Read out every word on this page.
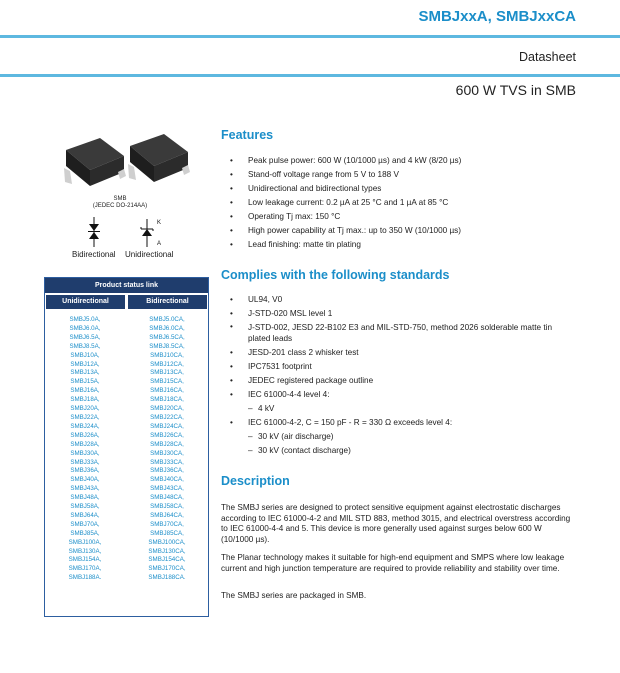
SMBJxxA, SMBJxxCA
Datasheet
600 W TVS in SMB
SMB
(JEDEC DO-214AA)
K
A
Bidirectional Unidirectional
Product status link
Unidirectional	Bidirectional
SMBJ5.0A,
SMBJ6.0A,
SMBJ6.5A,
SMBJ8.5A,
SMBJ10A,
SMBJ12A,
SMBJ13A,
SMBJ15A,
SMBJ16A,
SMBJ18A,
SMBJ20A,
SMBJ22A,
SMBJ24A,
SMBJ26A,
SMBJ28A,
SMBJ30A,
SMBJ33A,
SMBJ36A,
SMBJ40A,
SMBJ43A,
SMBJ48A,
SMBJ58A,
SMBJ64A,
SMBJ70A,
SMBJ85A,
SMBJ100A,
SMBJ130A,
SMBJ154A,
SMBJ170A,
SMBJ188A.
SMBJ5.0CA,
SMBJ6.0CA,
SMBJ6.5CA,
SMBJ8.5CA,
SMBJ10CA,
SMBJ12CA,
SMBJ13CA,
SMBJ15CA,
SMBJ16CA,
SMBJ18CA,
SMBJ20CA,
SMBJ22CA,
SMBJ24CA,
SMBJ26CA,
SMBJ28CA,
SMBJ30CA,
SMBJ33CA,
SMBJ36CA,
SMBJ40CA,
SMBJ43CA,
SMBJ48CA,
SMBJ58CA,
SMBJ64CA,
SMBJ70CA,
SMBJ85CA,
SMBJ100CA,
SMBJ130CA,
SMBJ154CA,
SMBJ170CA,
SMBJ188CA.
Features
• Peak pulse power: 600 W (10/1000 µs) and 4 kW (8/20 µs)
• Stand-off voltage range from 5 V to 188 V
• Unidirectional and bidirectional types
• Low leakage current: 0.2 µA at 25 °C and 1 µA at 85 °C
• Operating Tj max: 150 °C
• High power capability at Tj max.: up to 350 W (10/1000 µs)
• Lead finishing: matte tin plating
Complies with the following standards
• UL94, V0
• J-STD-020 MSL level 1
• J-STD-002, JESD 22-B102 E3 and MIL-STD-750, method 2026 solderable matte tin plated leads
• JESD-201 class 2 whisker test
• IPC7531 footprint
• JEDEC registered package outline
• IEC 61000-4-4 level 4:
– 4 kV
• IEC 61000-4-2, C = 150 pF - R = 330 Ω exceeds level 4:
– 30 kV (air discharge)
– 30 kV (contact discharge)
Description
The SMBJ series are designed to protect sensitive equipment against electrostatic discharges according to IEC 61000-4-2 and MIL STD 883, method 3015, and electrical overstress according to IEC 61000-4-4 and 5. This device is more generally used against surges below 600 W (10/1000 µs).
The Planar technology makes it suitable for high-end equipment and SMPS where low leakage current and high junction temperature are required to provide reliability and stability over time.
The SMBJ series are packaged in SMB.
